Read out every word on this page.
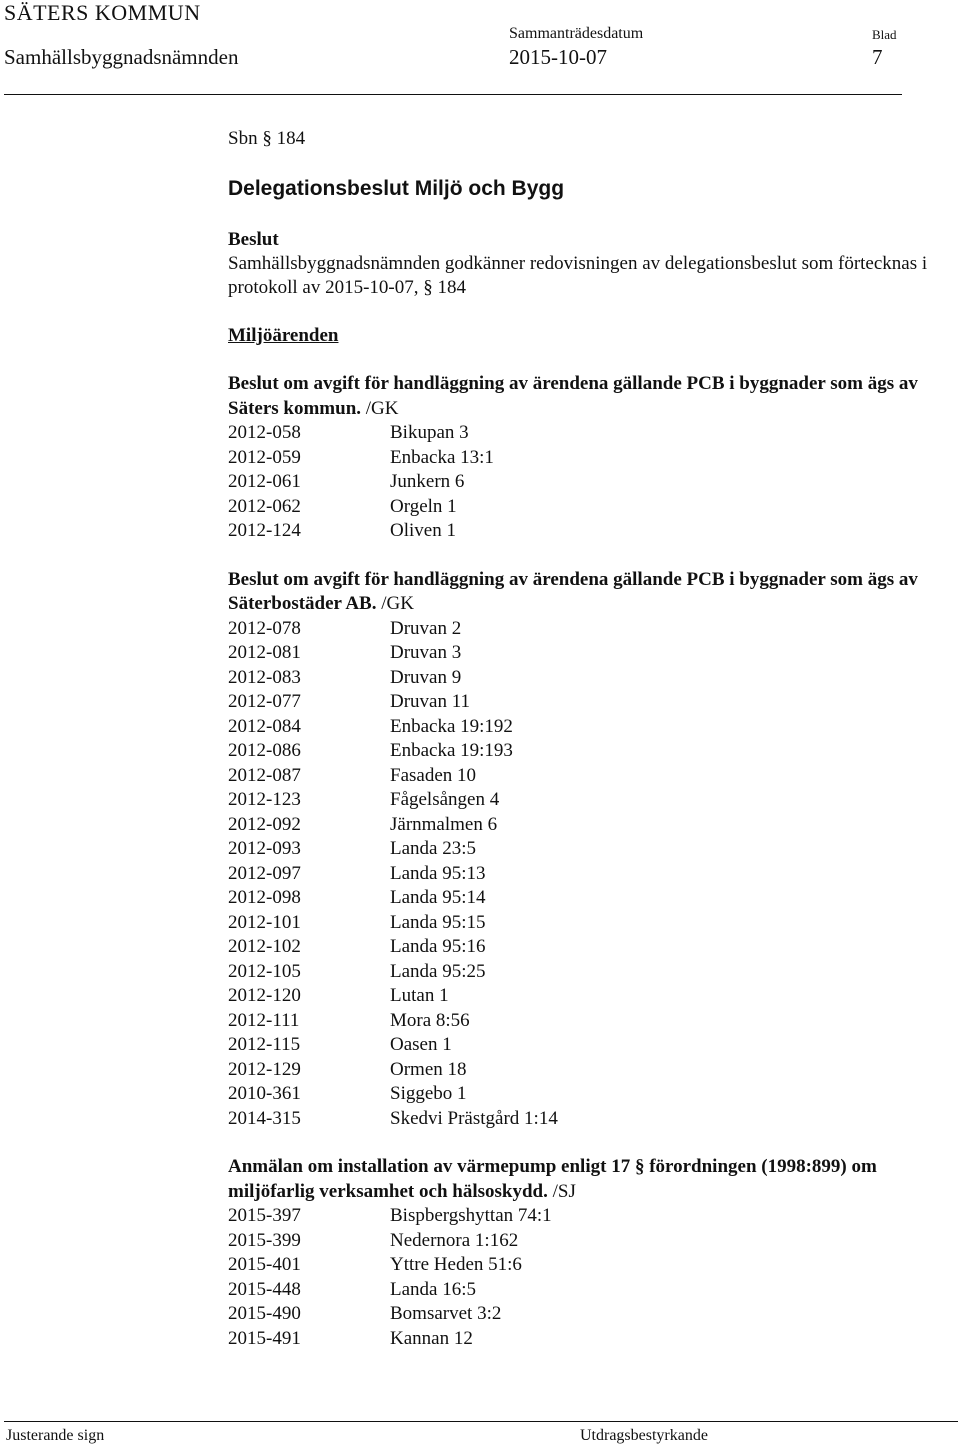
SÄTERS KOMMUN
Samhällsbyggnadsnämnden
Sammanträdesdatum
2015-10-07
Blad
7
Sbn § 184
Delegationsbeslut Miljö och Bygg
Beslut
Samhällsbyggnadsnämnden godkänner redovisningen av delegationsbeslut som förtecknas i protokoll av 2015-10-07, § 184
Miljöärenden
Beslut om avgift för handläggning av ärendena gällande PCB i byggnader som ägs av Säters kommun. /GK
2012-058	Bikupan 3
2012-059	Enbacka 13:1
2012-061	Junkern 6
2012-062	Orgeln 1
2012-124	Oliven 1
Beslut om avgift för handläggning av ärendena gällande PCB i byggnader som ägs av Säterbostäder AB. /GK
2012-078	Druvan 2
2012-081	Druvan 3
2012-083	Druvan 9
2012-077	Druvan 11
2012-084	Enbacka 19:192
2012-086	Enbacka 19:193
2012-087	Fasaden 10
2012-123	Fågelsången 4
2012-092	Järnmalmen 6
2012-093	Landa 23:5
2012-097	Landa 95:13
2012-098	Landa 95:14
2012-101	Landa 95:15
2012-102	Landa 95:16
2012-105	Landa 95:25
2012-120	Lutan 1
2012-111	Mora 8:56
2012-115	Oasen 1
2012-129	Ormen 18
2010-361	Siggebo 1
2014-315	Skedvi Prästgård 1:14
Anmälan om installation av värmepump enligt 17 § förordningen (1998:899) om miljöfarlig verksamhet och hälsoskydd. /SJ
2015-397	Bispbergshyttan 74:1
2015-399	Nedernora 1:162
2015-401	Yttre Heden 51:6
2015-448	Landa 16:5
2015-490	Bomsarvet 3:2
2015-491	Kannan 12
Justerande sign	Utdragsbestyrkande
